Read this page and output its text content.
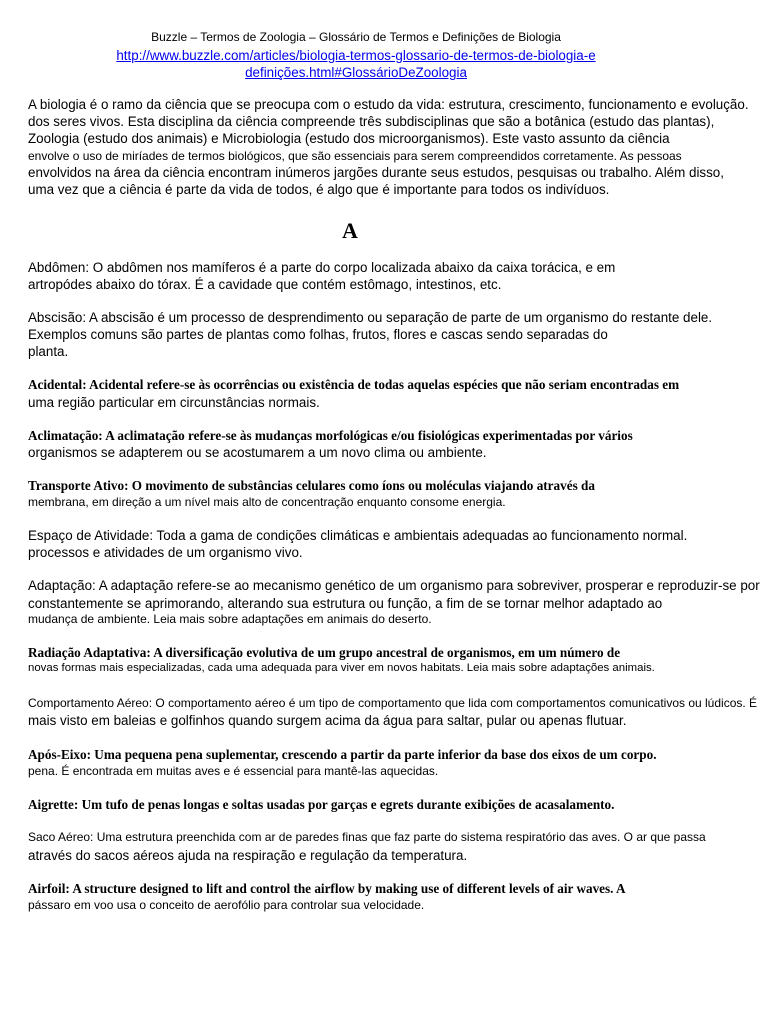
Buzzle – Termos de Zoologia – Glossário de Termos e Definições de Biologia
http://www.buzzle.com/articles/biologia-termos-glossario-de-termos-de-biologia-e
definições.html#GlossárioDeZoologia
A biologia é o ramo da ciência que se preocupa com o estudo da vida: estrutura, crescimento, funcionamento e evolução.
dos seres vivos. Esta disciplina da ciência compreende três subdisciplinas que são a botânica (estudo das plantas),
Zoologia (estudo dos animais) e Microbiologia (estudo dos microorganismos). Este vasto assunto da ciência
envolve o uso de miríades de termos biológicos, que são essenciais para serem compreendidos corretamente. As pessoas
envolvidos na área da ciência encontram inúmeros jargões durante seus estudos, pesquisas ou trabalho. Além disso,
uma vez que a ciência é parte da vida de todos, é algo que é importante para todos os indivíduos.
A
Abdômen: O abdômen nos mamíferos é a parte do corpo localizada abaixo da caixa torácica, e em
artropódes abaixo do tórax. É a cavidade que contém estômago, intestinos, etc.
Abscisão: A abscisão é um processo de desprendimento ou separação de parte de um organismo do restante dele.
Exemplos comuns são partes de plantas como folhas, frutos, flores e cascas sendo separadas do
planta.
Acidental: Acidental refere-se às ocorrências ou existência de todas aquelas espécies que não seriam encontradas em
uma região particular em circunstâncias normais.
Aclimatação: A aclimatação refere-se às mudanças morfológicas e/ou fisiológicas experimentadas por vários
organismos se adapterem ou se acostumarem a um novo clima ou ambiente.
Transporte Ativo: O movimento de substâncias celulares como íons ou moléculas viajando através da
membrana, em direção a um nível mais alto de concentração enquanto consome energia.
Espaço de Atividade: Toda a gama de condições climáticas e ambientais adequadas ao funcionamento normal.
processos e atividades de um organismo vivo.
Adaptação: A adaptação refere-se ao mecanismo genético de um organismo para sobreviver, prosperar e reproduzir-se por
constantemente se aprimorando, alterando sua estrutura ou função, a fim de se tornar melhor adaptado ao
mudança de ambiente. Leia mais sobre adaptações em animais do deserto.
Radiação Adaptativa: A diversificação evolutiva de um grupo ancestral de organismos, em um número de
novas formas mais especializadas, cada uma adequada para viver em novos habitats. Leia mais sobre adaptações animais.
Comportamento Aéreo: O comportamento aéreo é um tipo de comportamento que lida com comportamentos comunicativos ou lúdicos. É
mais visto em baleias e golfinhos quando surgem acima da água para saltar, pular ou apenas flutuar.
Após-Eixo: Uma pequena pena suplementar, crescendo a partir da parte inferior da base dos eixos de um corpo.
pena. É encontrada em muitas aves e é essencial para mantê-las aquecidas.
Aigrette: Um tufo de penas longas e soltas usadas por garças e egrets durante exibições de acasalamento.
Saco Aéreo: Uma estrutura preenchida com ar de paredes finas que faz parte do sistema respiratório das aves. O ar que passa
através do sacos aéreos ajuda na respiração e regulação da temperatura.
Airfoil: A structure designed to lift and control the airflow by making use of different levels of air waves. A
pássaro em voo usa o conceito de aerofólio para controlar sua velocidade.
